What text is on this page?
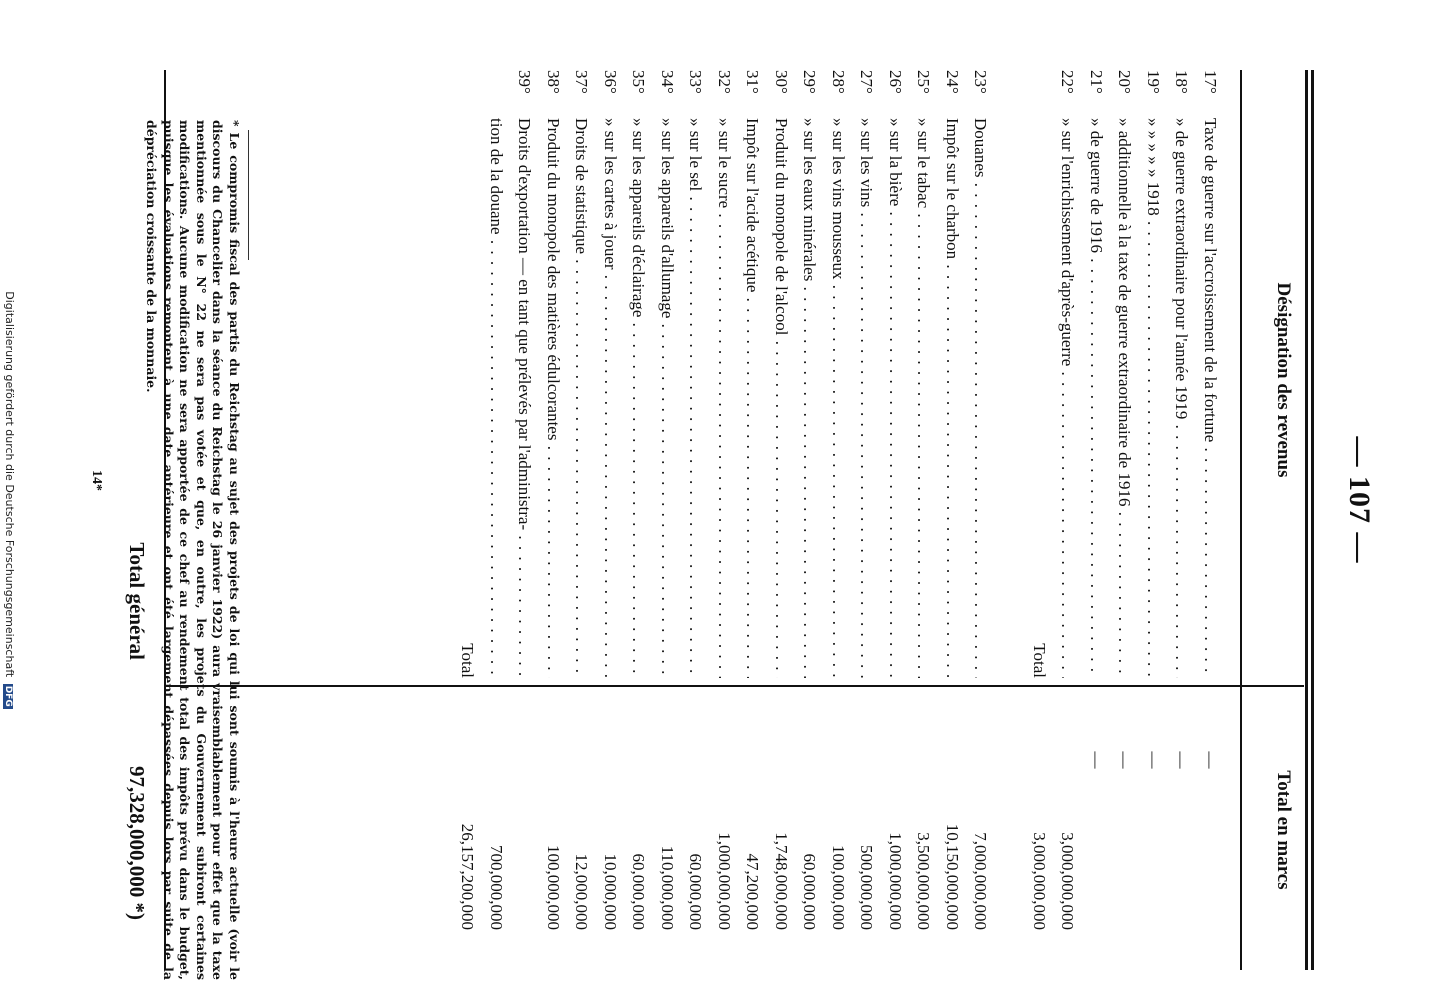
— 107 —
Désignation des revenus
Total en marcs
17°
Taxe de guerre sur l'accroissement de la fortune . . .
—
18°
» de guerre extraordinaire pour l'année 1919 . . .
—
19°
» » » » » 1918 . . .
—
20°
» additionnelle à la taxe de guerre extraordinaire de 1916 . . .
—
21°
» de guerre de 1916 . . .
—
22°
» sur l'enrichissement d'après-guerre . . .
3,000,000,000
Total
3,000,000,000
23°
Douanes . . .
7,000,000,000
24°
Impôt sur le charbon . . .
10,150,000,000
25°
» sur le tabac . . .
3,500,000,000
26°
» sur la bière . . .
1,000,000,000
27°
» sur les vins . . .
500,000,000
28°
» sur les vins mousseux . . .
100,000,000
29°
» sur les eaux minérales . . .
60,000,000
30°
Produit du monopole de l'alcool . . .
1,748,000,000
31°
Impôt sur l'acide acétique . . .
47,200,000
32°
» sur le sucre . . .
1,000,000,000
33°
» sur le sel . . .
60,000,000
34°
» sur les appareils d'allumage . . .
110,000,000
35°
» sur les appareils d'éclairage . . .
60,000,000
36°
» sur les cartes à jouer . . .
10,000,000
37°
Droits de statistique . . .
12,000,000
38°
Produit du monopole des matières édulcorantes . . .
100,000,000
39°
Droits d'exportation — en tant que prélevés par l'administra- . . .
tion de la douane . . .
700,000,000
Total
26,157,200,000
Total général
97,328,000,000 *)	* Le compromis fiscal des partis du Reichstag au sujet des projets de loi qui lui sont soumis à l'heure actuelle (voir le discours du Chancelier dans la séance du Reichstag le 26 janvier 1922) aura vraisemblablement pour effet que la taxe mentionnée sous le N° 22 ne sera pas votée et que, en outre, les projets du Gouvernement subiront certaines modifications. Aucune modification ne sera apportée de ce chef au rendement total des impôts prévu dans le budget, puisque les évaluations remontent à une date antérieure et ont été largement dépassées depuis lors par suite de la dépréciation croissante de la monnaie.
14*
Digitalisierung gefördert durch die Deutsche Forschungsgemeinschaft DFG
